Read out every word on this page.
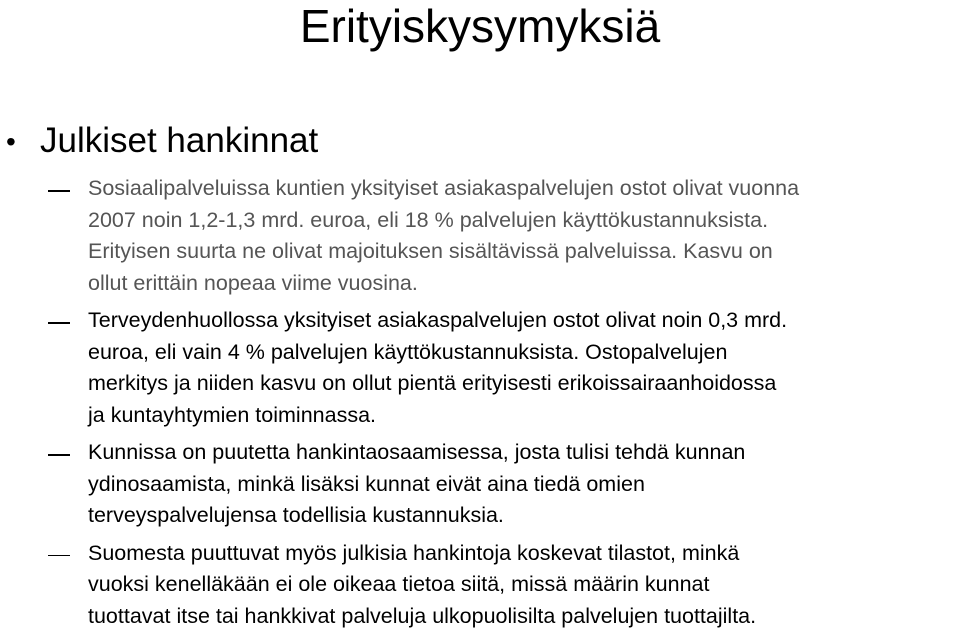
Erityiskysymyksiä
• Julkiset hankinnat
Sosiaalipalveluissa kuntien yksityiset asiakaspalvelujen ostot olivat vuonna
2007 noin 1,2-1,3 mrd. euroa, eli 18 % palvelujen käyttökustannuksista.
Erityisen suurta ne olivat majoituksen sisältävissä palveluissa. Kasvu on
ollut erittäin nopeaa viime vuosina.
Terveydenhuollossa yksityiset asiakaspalvelujen ostot olivat noin 0,3 mrd.
euroa, eli vain 4 % palvelujen käyttökustannuksista. Ostopalvelujen
merkitys ja niiden kasvu on ollut pientä erityisesti erikoissairaanhoidossa
ja kuntayhtymien toiminnassa.
Kunnissa on puutetta hankintaosaamisessa, josta tulisi tehdä kunnan
ydinosaamista, minkä lisäksi kunnat eivät aina tiedä omien
terveyspalvelujensa todellisia kustannuksia.
Suomesta puuttuvat myös julkisia hankintoja koskevat tilastot, minkä
vuoksi kenelläkään ei ole oikeaa tietoa siitä, missä määrin kunnat
tuottavat itse tai hankkivat palveluja ulkopuolisilta palvelujen tuottajilta.
